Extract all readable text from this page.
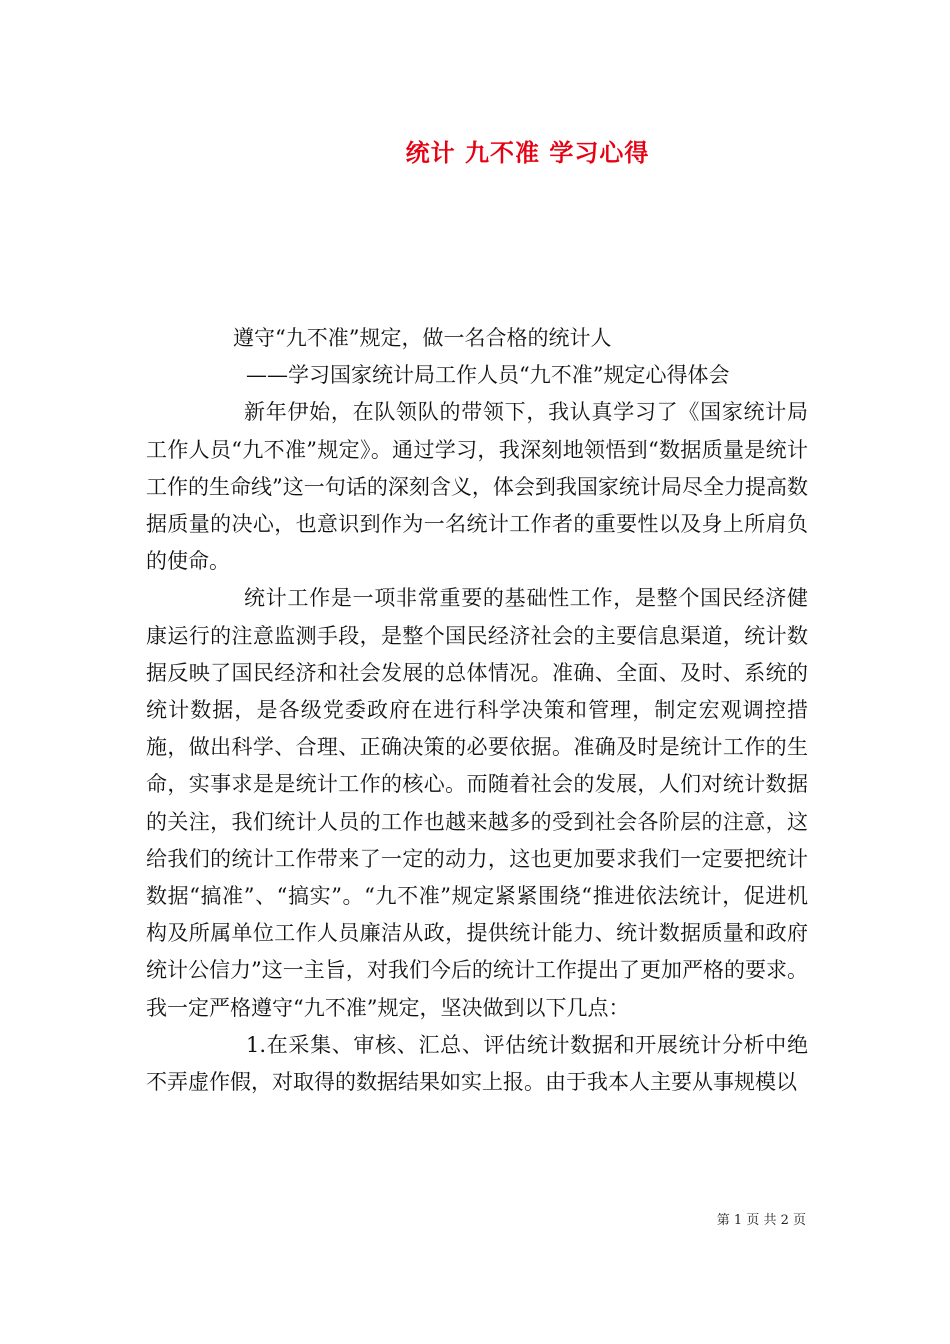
统计 九不准 学习心得

遵守“九不准”规定，做一名合格的统计人

——学习国家统计局工作人员“九不准”规定心得体会

新年伊始，在队领队的带领下，我认真学习了《国家统计局工作人员“九不准”规定》。通过学习，我深刻地领悟到“数据质量是统计工作的生命线”这一句话的深刻含义，体会到我国家统计局尽全力提高数据质量的决心，也意识到作为一名统计工作者的重要性以及身上所肩负的使命。

统计工作是一项非常重要的基础性工作，是整个国民经济健康运行的注意监测手段，是整个国民经济社会的主要信息渠道，统计数据反映了国民经济和社会发展的总体情况。准确、全面、及时、系统的统计数据，是各级党委政府在进行科学决策和管理，制定宏观调控措施，做出科学、合理、正确决策的必要依据。准确及时是统计工作的生命，实事求是是统计工作的核心。而随着社会的发展，人们对统计数据的关注，我们统计人员的工作也越来越多的受到社会各阶层的注意，这给我们的统计工作带来了一定的动力，这也更加要求我们一定要把统计数据“搞准”、“搞实”。“九不准”规定紧紧围绕“推进依法统计，促进机构及所属单位工作人员廉洁从政，提供统计能力、统计数据质量和政府统计公信力”这一主旨，对我们今后的统计工作提出了更加严格的要求。我一定严格遵守“九不准”规定，坚决做到以下几点：

1.在采集、审核、汇总、评估统计数据和开展统计分析中绝不弄虚作假，对取得的数据结果如实上报。由于我本人主要从事规模以

第 1 页 共 2 页
